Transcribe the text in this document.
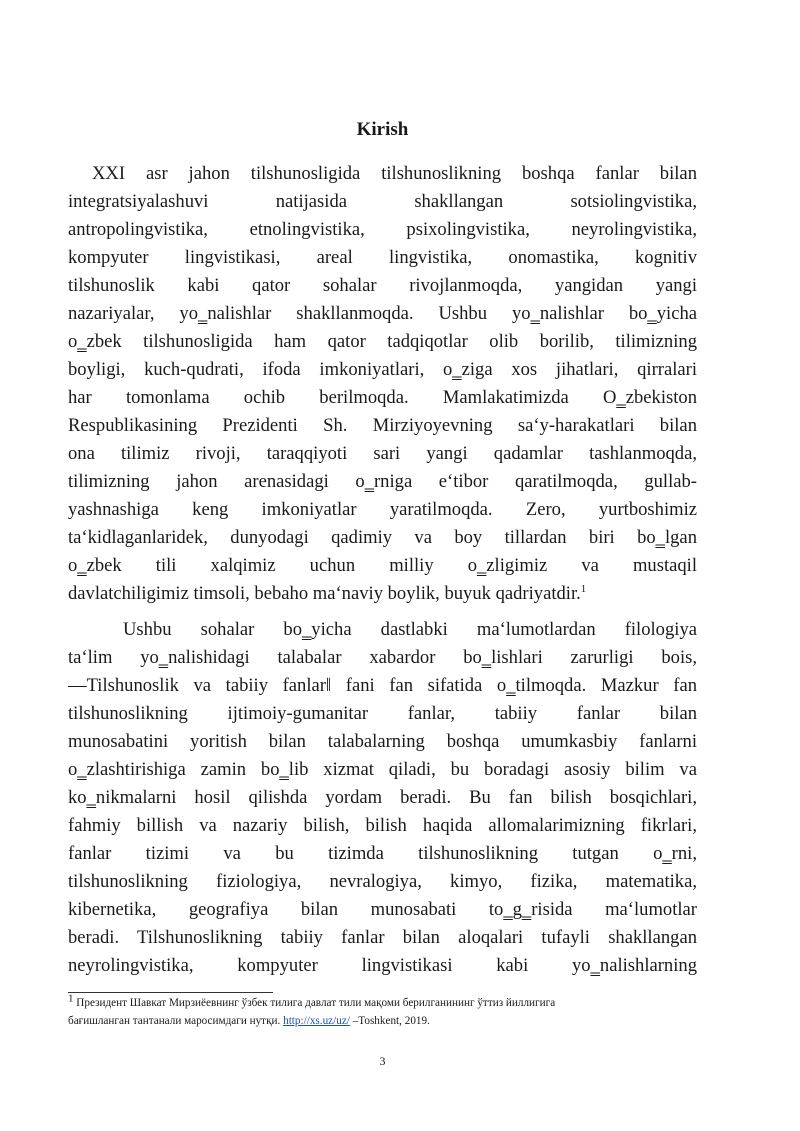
Kirish
XXI asr jahon tilshunosligida tilshunoslikning boshqa fanlar bilan
integratsiyalashuvi natijasida shakllangan sotsiolingvistika,
antropolingvistika, etnolingvistika, psixolingvistika, neyrolingvistika,
kompyuter lingvistikasi, areal lingvistika, onomastika, kognitiv
tilshunoslik kabi qator sohalar rivojlanmoqda, yangidan yangi
nazariyalar, yo‗nalishlar shakllanmoqda. Ushbu yo‗nalishlar bo‗yicha
o‗zbek tilshunosligida ham qator tadqiqotlar olib borilib, tilimizning
boyligi, kuch-qudrati, ifoda imkoniyatlari, o‗ziga xos jihatlari, qirralari
har tomonlama ochib berilmoqda. Mamlakatimizda O‗zbekiston
Respublikasining Prezidenti Sh. Mirziyoyevning sa‘y-harakatlari bilan
ona tilimiz rivoji, taraqqiyoti sari yangi qadamlar tashlanmoqda,
tilimizning jahon arenasidagi o‗rniga e‘tibor qaratilmoqda, gullab-
yashnashiga keng imkoniyatlar yaratilmoqda. Zero, yurtboshimiz
ta‘kidlaganlaridek, dunyodagi qadimiy va boy tillardan biri bo‗lgan
o‗zbek tili xalqimiz uchun milliy o‗zligimiz va mustaqil
davlatchiligimiz timsoli, bebaho ma‘naviy boylik, buyuk qadriyatdir.$^1$
Ushbu sohalar bo‗yicha dastlabki ma‘lumotlardan filologiya
ta‘lim yo‗nalishidagi talabalar xabardor bo‗lishlari zarurligi bois,
―Tilshunoslik va tabiiy fanlar‖ fani fan sifatida o‗tilmoqda. Mazkur fan
tilshunoslikning ijtimoiy-gumanitar fanlar, tabiiy fanlar bilan
munosabatini yoritish bilan talabalarning boshqa umumkasbiy fanlarni
o‗zlashtirishiga zamin bo‗lib xizmat qiladi, bu boradagi asosiy bilim va
ko‗nikmalarni hosil qilishda yordam beradi. Bu fan bilish bosqichlari,
fahmiy billish va nazariy bilish, bilish haqida allomalarimizning fikrlari,
fanlar tizimi va bu tizimda tilshunoslikning tutgan o‗rni,
tilshunoslikning fiziologiya, nevralogiya, kimyo, fizika, matematika,
kibernetika, geografiya bilan munosabati to‗g‗risida ma‘lumotlar
beradi. Tilshunoslikning tabiiy fanlar bilan aloqalari tufayli shakllangan
neyrolingvistika, kompyuter lingvistikasi kabi yo‗nalishlarning
$^1$ Президент Шавкат Мирзиёевнинг ўзбек тилига давлат тили мақоми берилганининг ўттиз йиллигига
бағишланган тантанали маросимдаги нутқи. http://xs.uz/uz/ –Toshkent, 2019.
3
